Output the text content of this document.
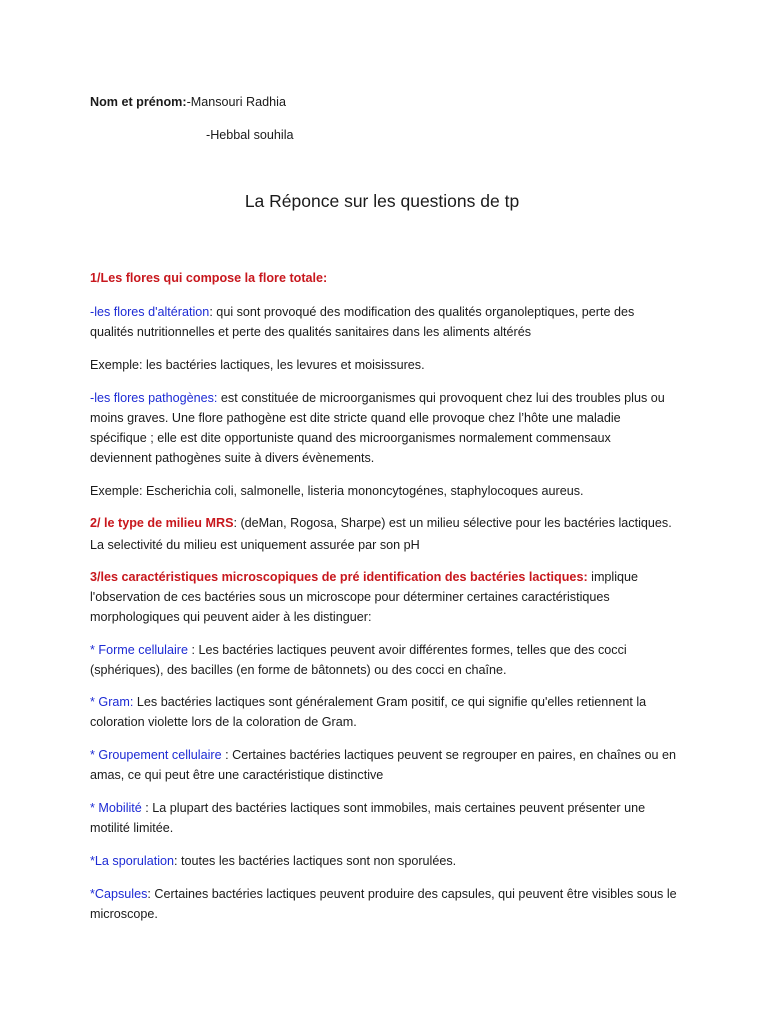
Nom et prénom:-Mansouri Radhia
-Hebbal souhila
La Réponce sur les questions de tp
1/Les flores qui compose la flore totale:
-les flores d'altération: qui sont provoqué des modification des qualités organoleptiques, perte des
qualités nutritionnelles et perte des qualités sanitaires dans les aliments altérés
Exemple: les bactéries lactiques, les levures et moisissures.
-les flores pathogènes: est constituée de microorganismes qui provoquent chez lui des troubles plus ou
moins graves. Une flore pathogène est dite stricte quand elle provoque chez l’hôte une maladie
spécifique ; elle est dite opportuniste quand des microorganismes normalement commensaux
deviennent pathogènes suite à divers évènements.
Exemple: Escherichia coli, salmonelle, listeria mononcytogénes, staphylocoques aureus.
2/ le type de milieu MRS: (deMan, Rogosa, Sharpe) est un milieu sélective pour les bactéries lactiques.
La selectivité du milieu est uniquement assurée par son pH
3/les caractéristiques microscopiques de pré identification des bactéries lactiques: implique
l'observation de ces bactéries sous un microscope pour déterminer certaines caractéristiques
morphologiques qui peuvent aider à les distinguer:
* Forme cellulaire : Les bactéries lactiques peuvent avoir différentes formes, telles que des cocci
(sphériques), des bacilles (en forme de bâtonnets) ou des cocci en chaîne.
* Gram: Les bactéries lactiques sont généralement Gram positif, ce qui signifie qu'elles retiennent la
coloration violette lors de la coloration de Gram.
* Groupement cellulaire : Certaines bactéries lactiques peuvent se regrouper en paires, en chaînes ou en
amas, ce qui peut être une caractéristique distinctive
* Mobilité : La plupart des bactéries lactiques sont immobiles, mais certaines peuvent présenter une
motilité limitée.
*La sporulation: toutes les bactéries lactiques sont non sporulées.
*Capsules: Certaines bactéries lactiques peuvent produire des capsules, qui peuvent être visibles sous le
microscope.
